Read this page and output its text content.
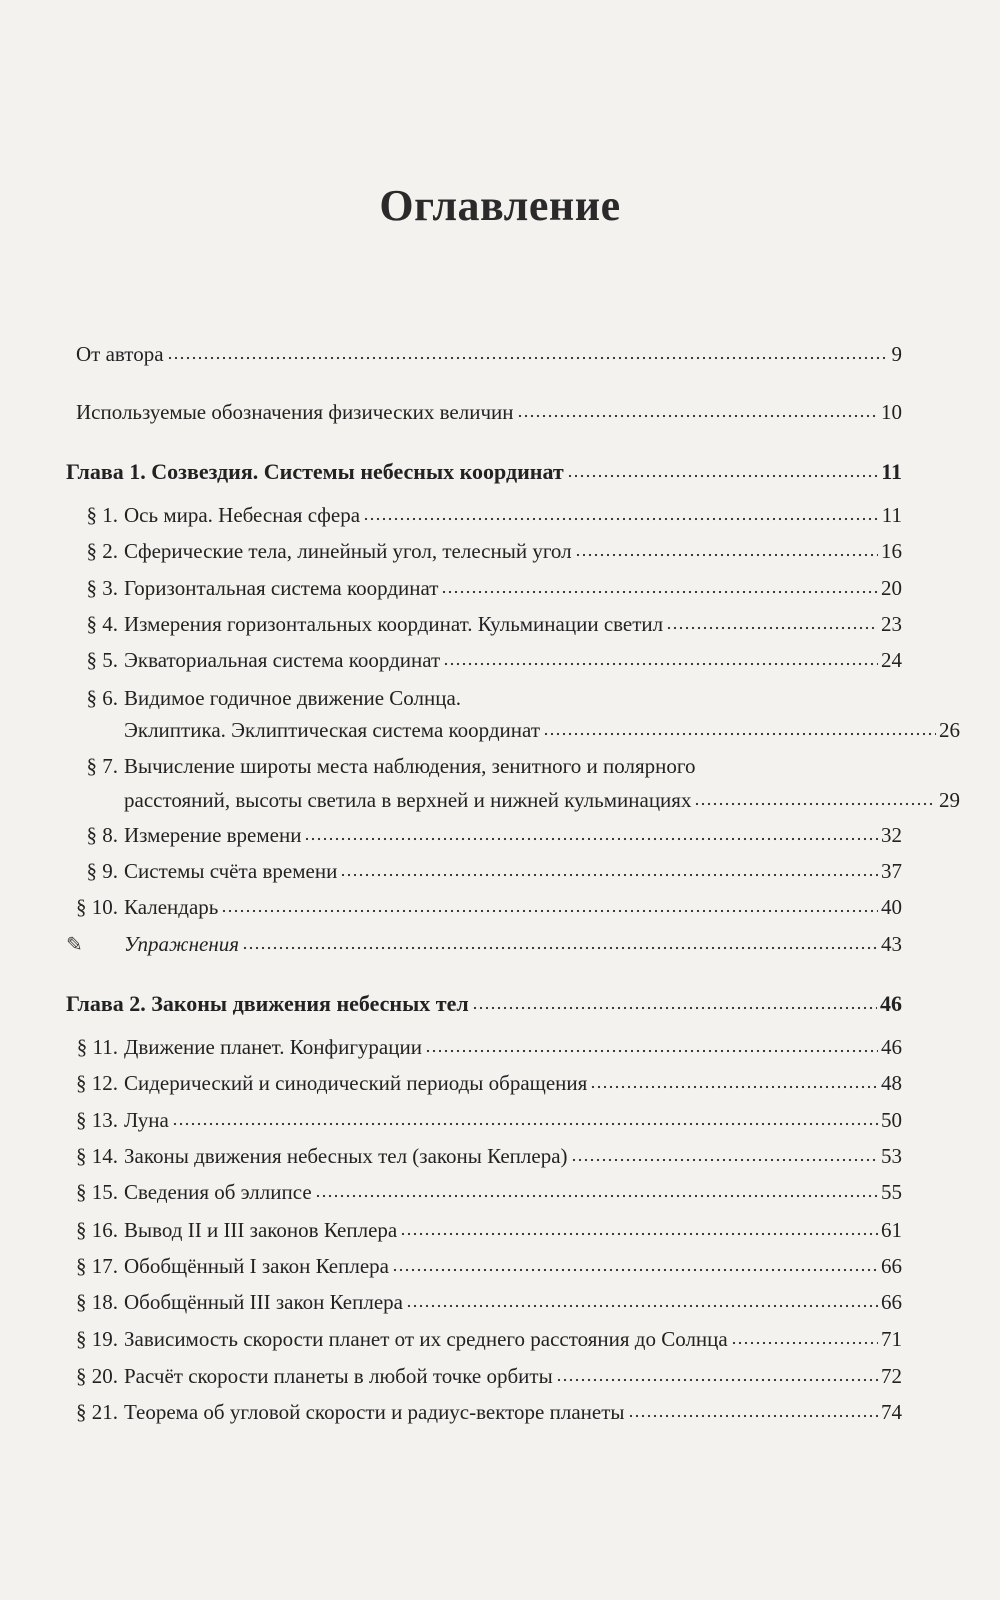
Оглавление
От автора	9
Используемые обозначения физических величин	10
Глава 1. Созвездия. Системы небесных координат	11
§ 1. Ось мира. Небесная сфера	11
§ 2. Сферические тела, линейный угол, телесный угол	16
§ 3. Горизонтальная система координат	20
§ 4. Измерения горизонтальных координат. Кульминации светил	23
§ 5. Экваториальная система координат	24
§ 6. Видимое годичное движение Солнца.
Эклиптика. Эклиптическая система координат	26
§ 7. Вычисление широты места наблюдения, зенитного и полярного
расстояний, высоты светила в верхней и нижней кульминациях	29
§ 8. Измерение времени	32
§ 9. Системы счёта времени	37
§ 10. Календарь	40
✎	Упражнения	43
Глава 2. Законы движения небесных тел	46
§ 11. Движение планет. Конфигурации	46
§ 12. Сидерический и синодический периоды обращения	48
§ 13. Луна	50
§ 14. Законы движения небесных тел (законы Кеплера)	53
§ 15. Сведения об эллипсе	55
§ 16. Вывод II и III законов Кеплера	61
§ 17. Обобщённый I закон Кеплера	66
§ 18. Обобщённый III закон Кеплера	66
§ 19. Зависимость скорости планет от их среднего расстояния до Солнца	71
§ 20. Расчёт скорости планеты в любой точке орбиты	72
§ 21. Теорема об угловой скорости и радиус-векторе планеты	74
